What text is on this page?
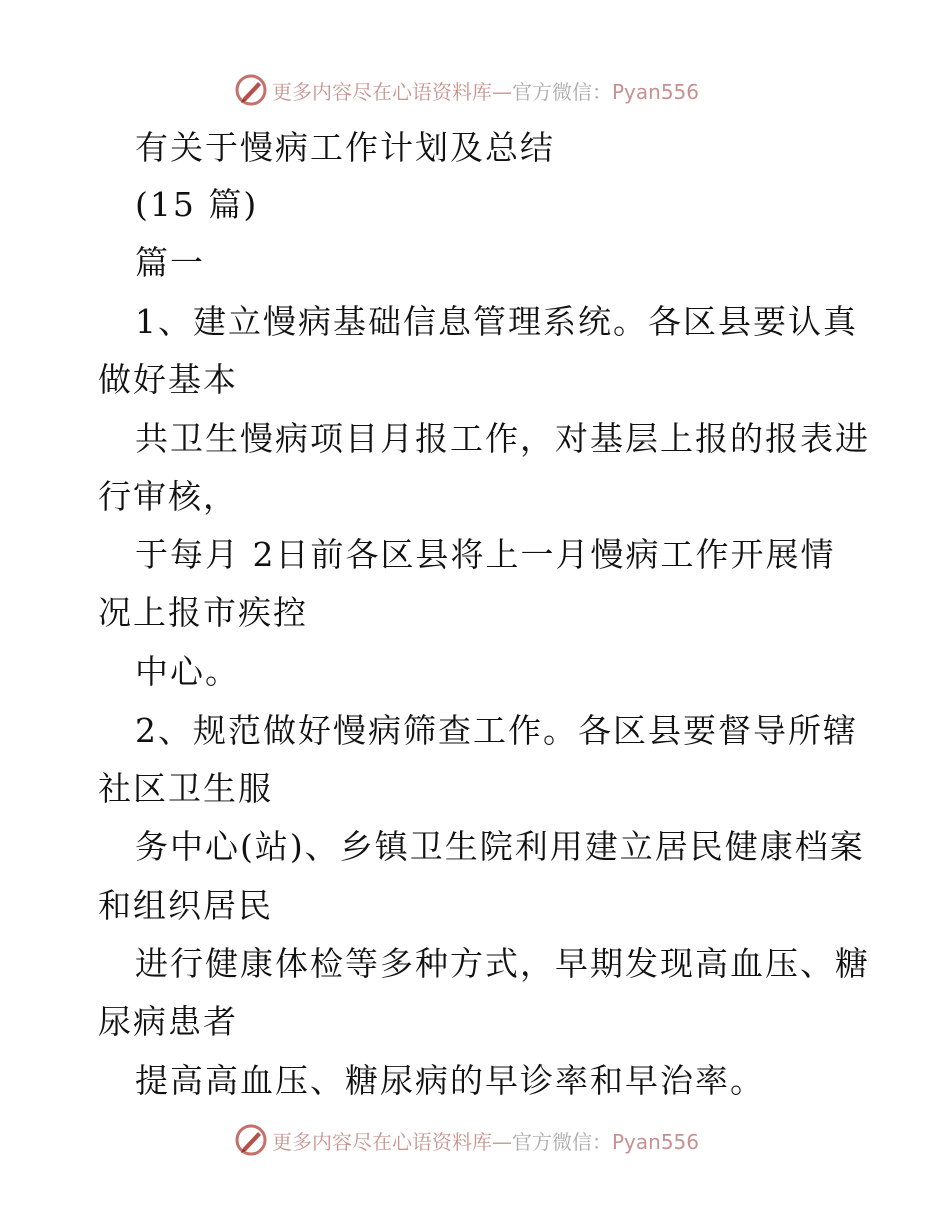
更多内容尽在心语资料库—官方微信：Pyan556
有关于慢病工作计划及总结
(15 篇)
篇一
1、建立慢病基础信息管理系统。各区县要认真
做好基本
共卫生慢病项目月报工作，对基层上报的报表进
行审核，
于每月 2日前各区县将上一月慢病工作开展情
况上报市疾控
中心。
2、规范做好慢病筛查工作。各区县要督导所辖
社区卫生服
务中心(站)、乡镇卫生院利用建立居民健康档案
和组织居民
进行健康体检等多种方式，早期发现高血压、糖
尿病患者
提高高血压、糖尿病的早诊率和早治率。
更多内容尽在心语资料库—官方微信：Pyan556
